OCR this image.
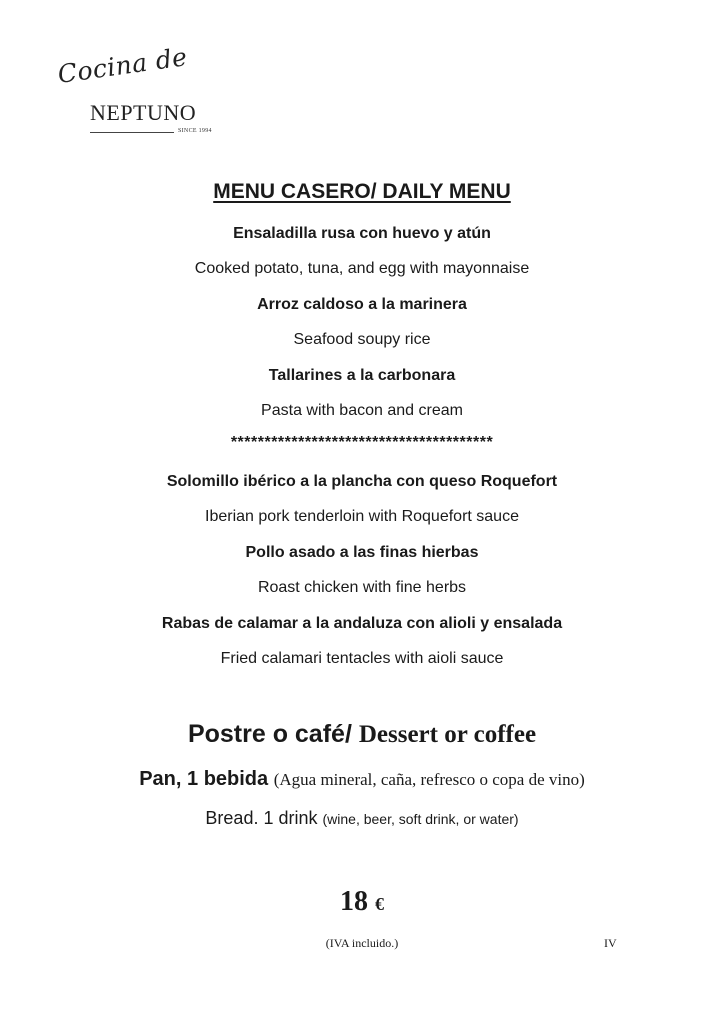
Cocina de
NEPTUNO
SINCE 1994
MENU CASERO/ DAILY MENU
Ensaladilla rusa con huevo y atún
Cooked potato, tuna, and egg with mayonnaise
Arroz caldoso a la marinera
Seafood soupy rice
Tallarines a la carbonara
Pasta with bacon and cream
***************************************
Solomillo ibérico a la plancha con queso Roquefort
Iberian pork tenderloin with Roquefort sauce
Pollo asado a las finas hierbas
Roast chicken with fine herbs
Rabas de calamar a la andaluza con alioli y ensalada
Fried calamari tentacles with aioli sauce
Postre o café/ Dessert or coffee
Pan, 1 bebida (Agua mineral, caña, refresco o copa de vino)
Bread. 1 drink (wine, beer, soft drink, or water)
18 €
(IVA incluido.)	IV
